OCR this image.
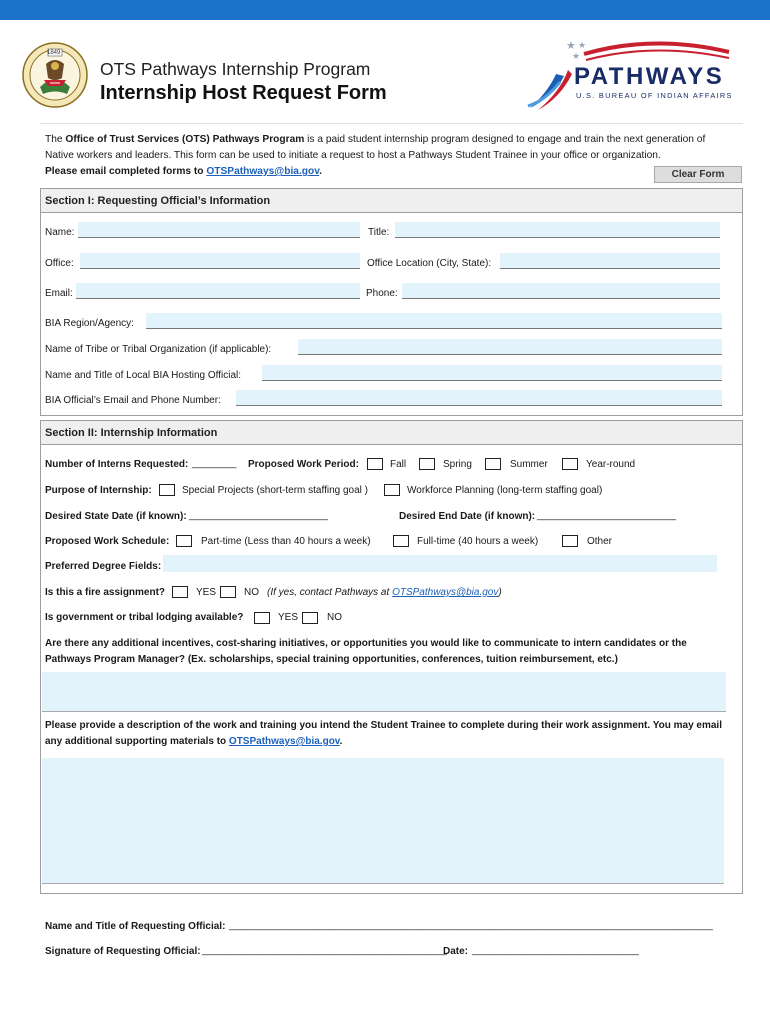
1849
OTS Pathways Internship Program
Internship Host Request Form
★ ★
★
PATHWAYS
U.S. BUREAU OF INDIAN AFFAIRS
The Office of Trust Services (OTS) Pathways Program is a paid student internship program designed to engage and train the next generation of Native workers and leaders. This form can be used to initiate a request to host a Pathways Student Trainee in your office or organization.
Please email completed forms to OTSPathways@bia.gov.	Clear Form
Section I: Requesting Official’s Information
Name:	Title:
Office:	Office Location (City, State):
Email:	Phone:
BIA Region/Agency:
Name of Tribe or Tribal Organization (if applicable):
Name and Title of Local BIA Hosting Official:
BIA Official’s Email and Phone Number:
Section II: Internship Information
Number of Interns Requested: ________ Proposed Work Period:	Fall	Spring	Summer	Year-round
Purpose of Internship:	Special Projects (short-term staffing goal )	Workforce Planning (long-term staffing goal)
Desired State Date (if known): _________________________	Desired End Date (if known): _________________________
Proposed Work Schedule:	Part-time (Less than 40 hours a week)	Full-time (40 hours a week)	Other
Preferred Degree Fields:
Is this a fire assignment?	YES	NO (If yes, contact Pathways at OTSPathways@bia.gov)
Is government or tribal lodging available?	YES	NO
Are there any additional incentives, cost-sharing initiatives, or opportunities you would like to communicate to intern candidates or the Pathways Program Manager? (Ex. scholarships, special training opportunities, conferences, tuition reimbursement, etc.)
Please provide a description of the work and training you intend the Student Trainee to complete during their work assignment. You may email any additional supporting materials to OTSPathways@bia.gov.
Name and Title of Requesting Official: _______________________________________________________________________________________
Signature of Requesting Official: ____________________________________________
Date: ______________________________
